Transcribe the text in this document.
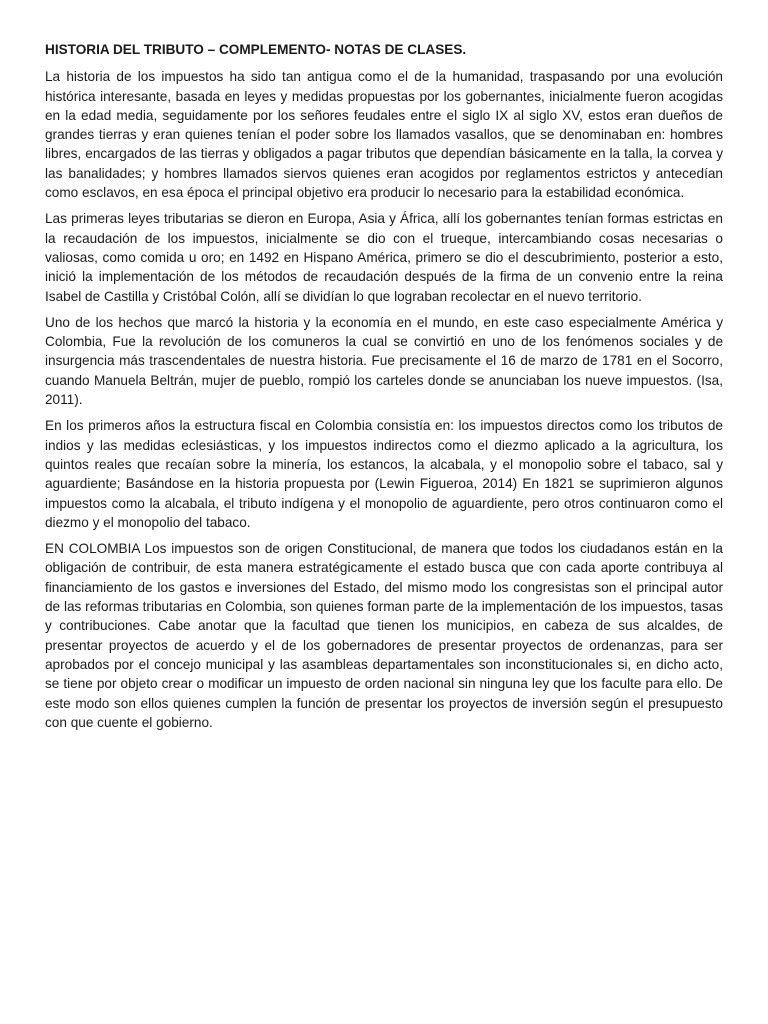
HISTORIA DEL TRIBUTO – COMPLEMENTO- NOTAS DE CLASES.

La historia de los impuestos ha sido tan antigua como el de la humanidad, traspasando por una evolución histórica interesante, basada en leyes y medidas propuestas por los gobernantes, inicialmente fueron acogidas en la edad media, seguidamente por los señores feudales entre el siglo IX al siglo XV, estos eran dueños de grandes tierras y eran quienes tenían el poder sobre los llamados vasallos, que se denominaban en: hombres libres, encargados de las tierras y obligados a pagar tributos que dependían básicamente en la talla, la corvea y las banalidades; y hombres llamados siervos quienes eran acogidos por reglamentos estrictos y antecedían como esclavos, en esa época el principal objetivo era producir lo necesario para la estabilidad económica.

Las primeras leyes tributarias se dieron en Europa, Asia y África, allí los gobernantes tenían formas estrictas en la recaudación de los impuestos, inicialmente se dio con el trueque, intercambiando cosas necesarias o valiosas, como comida u oro; en 1492 en Hispano América, primero se dio el descubrimiento, posterior a esto, inició la implementación de los métodos de recaudación después de la firma de un convenio entre la reina Isabel de Castilla y Cristóbal Colón, allí se dividían lo que lograban recolectar en el nuevo territorio.

Uno de los hechos que marcó la historia y la economía en el mundo, en este caso especialmente América y Colombia, Fue la revolución de los comuneros la cual se convirtió en uno de los fenómenos sociales y de insurgencia más trascendentales de nuestra historia. Fue precisamente el 16 de marzo de 1781 en el Socorro, cuando Manuela Beltrán, mujer de pueblo, rompió los carteles donde se anunciaban los nueve impuestos. (Isa, 2011).

En los primeros años la estructura fiscal en Colombia consistía en: los impuestos directos como los tributos de indios y las medidas eclesiásticas, y los impuestos indirectos como el diezmo aplicado a la agricultura, los quintos reales que recaían sobre la minería, los estancos, la alcabala, y el monopolio sobre el tabaco, sal y aguardiente; Basándose en la historia propuesta por (Lewin Figueroa, 2014) En 1821 se suprimieron algunos impuestos como la alcabala, el tributo indígena y el monopolio de aguardiente, pero otros continuaron como el diezmo y el monopolio del tabaco.

EN COLOMBIA Los impuestos son de origen Constitucional, de manera que todos los ciudadanos están en la obligación de contribuir, de esta manera estratégicamente el estado busca que con cada aporte contribuya al financiamiento de los gastos e inversiones del Estado, del mismo modo los congresistas son el principal autor de las reformas tributarias en Colombia, son quienes forman parte de la implementación de los impuestos, tasas y contribuciones. Cabe anotar que la facultad que tienen los municipios, en cabeza de sus alcaldes, de presentar proyectos de acuerdo y el de los gobernadores de presentar proyectos de ordenanzas, para ser aprobados por el concejo municipal y las asambleas departamentales son inconstitucionales si, en dicho acto, se tiene por objeto crear o modificar un impuesto de orden nacional sin ninguna ley que los faculte para ello. De este modo son ellos quienes cumplen la función de presentar los proyectos de inversión según el presupuesto con que cuente el gobierno.
